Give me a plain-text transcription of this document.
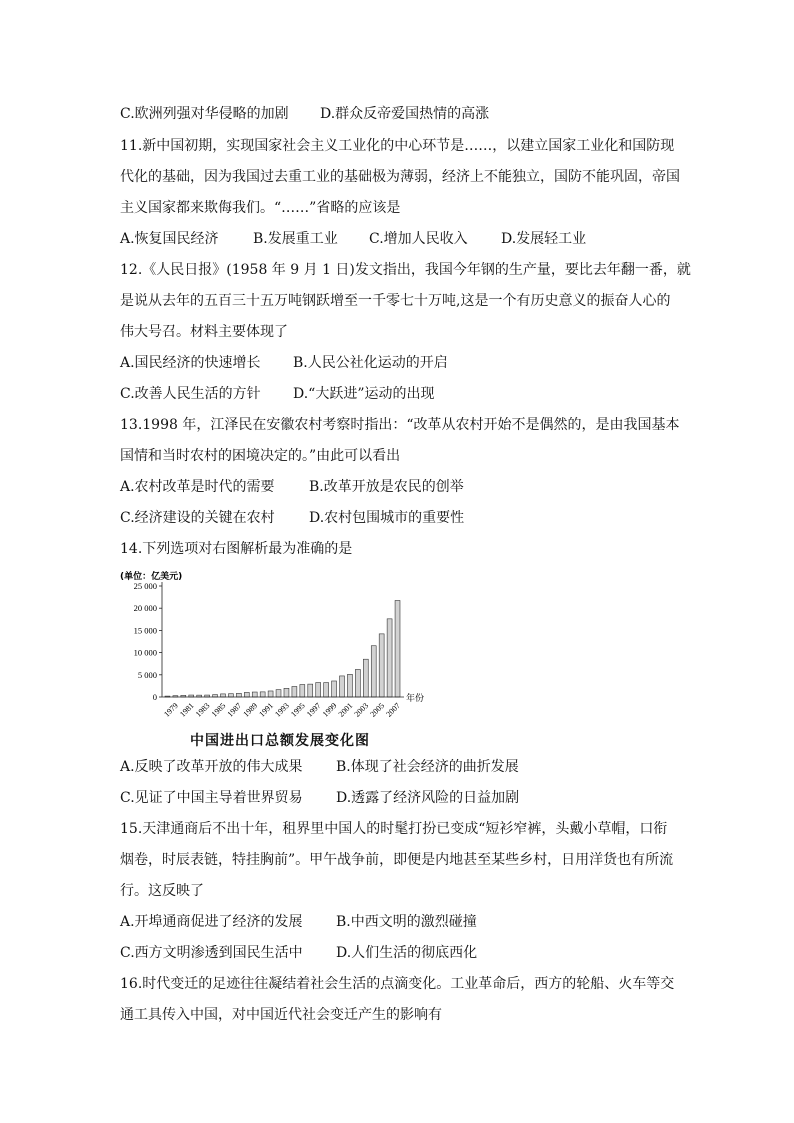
C.欧洲列强对华侵略的加剧 D.群众反帝爱国热情的高涨
11.新中国初期，实现国家社会主义工业化的中心环节是……，以建立国家工业化和国防现
代化的基础，因为我国过去重工业的基础极为薄弱，经济上不能独立，国防不能巩固，帝国
主义国家都来欺侮我们。“……”省略的应该是
A.恢复国民经济 B.发展重工业 C.增加人民收入 D.发展轻工业
12.《人民日报》(1958 年 9 月 1 日)发文指出，我国今年钢的生产量，要比去年翻一番，就
是说从去年的五百三十五万吨钢跃增至一千零七十万吨,这是一个有历史意义的振奋人心的
伟大号召。材料主要体现了
A.国民经济的快速增长 B.人民公社化运动的开启
C.改善人民生活的方针 D.“大跃进”运动的出现
13.1998 年，江泽民在安徽农村考察时指出：“改革从农村开始不是偶然的，是由我国基本
国情和当时农村的困境决定的。”由此可以看出
A.农村改革是时代的需要 B.改革开放是农民的创举
C.经济建设的关键在农村 D.农村包围城市的重要性
14.下列选项对右图解析最为准确的是
(单位：亿美元)
0
5 000
10 000
15 000
20 000
25 000
1979
1981
1983
1985
1987
1989
1991
1993
1995
1997
1999
2001
2003
2005
2007
年份
中国进出口总额发展变化图
A.反映了改革开放的伟大成果 B.体现了社会经济的曲折发展
C.见证了中国主导着世界贸易 D.透露了经济风险的日益加剧
15.天津通商后不出十年，租界里中国人的时髦打扮已变成“短衫窄裤，头戴小草帽，口衔
烟卷，时辰表链，特挂胸前”。甲午战争前，即便是内地甚至某些乡村，日用洋货也有所流
行。这反映了
A.开埠通商促进了经济的发展 B.中西文明的激烈碰撞
C.西方文明渗透到国民生活中 D.人们生活的彻底西化
16.时代变迁的足迹往往凝结着社会生活的点滴变化。工业革命后，西方的轮船、火车等交
通工具传入中国，对中国近代社会变迁产生的影响有
